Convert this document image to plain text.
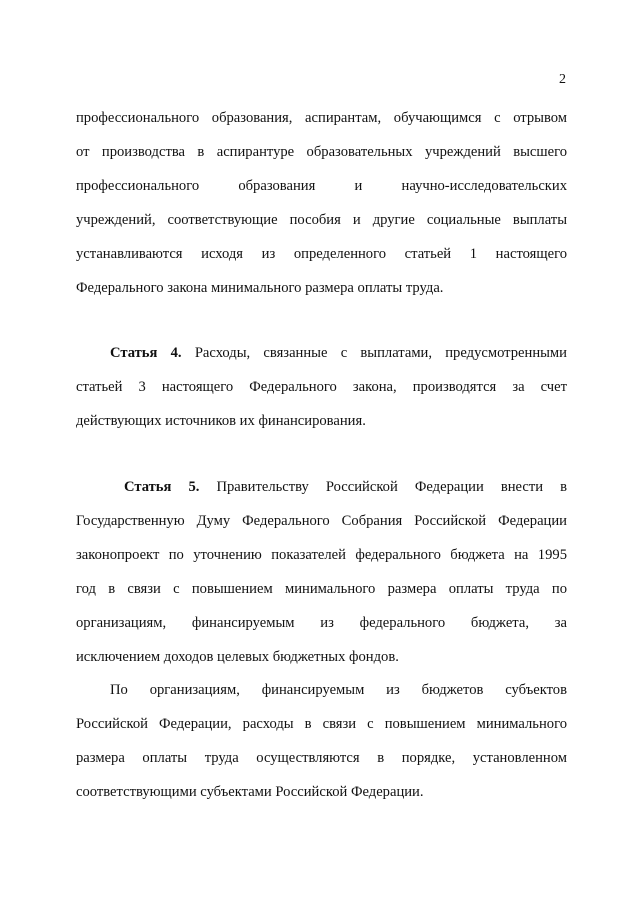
2
профессионального образования, аспирантам, обучающимся с отрывом
от производства в аспирантуре образовательных учреждений высшего
профессионального образования и научно-исследовательских
учреждений, соответствующие пособия и другие социальные выплаты
устанавливаются исходя из определенного статьей 1 настоящего
Федерального закона минимального размера оплаты труда.
Статья 4. Расходы, связанные с выплатами, предусмотренными
статьей 3 настоящего Федерального закона, производятся за счет
действующих источников их финансирования.
Статья 5. Правительству Российской Федерации внести в
Государственную Думу Федерального Собрания Российской Федерации
законопроект по уточнению показателей федерального бюджета на 1995
год в связи с повышением минимального размера оплаты труда по
организациям, финансируемым из федерального бюджета, за
исключением доходов целевых бюджетных фондов.
По организациям, финансируемым из бюджетов субъектов
Российской Федерации, расходы в связи с повышением минимального
размера оплаты труда осуществляются в порядке, установленном
соответствующими субъектами Российской Федерации.
